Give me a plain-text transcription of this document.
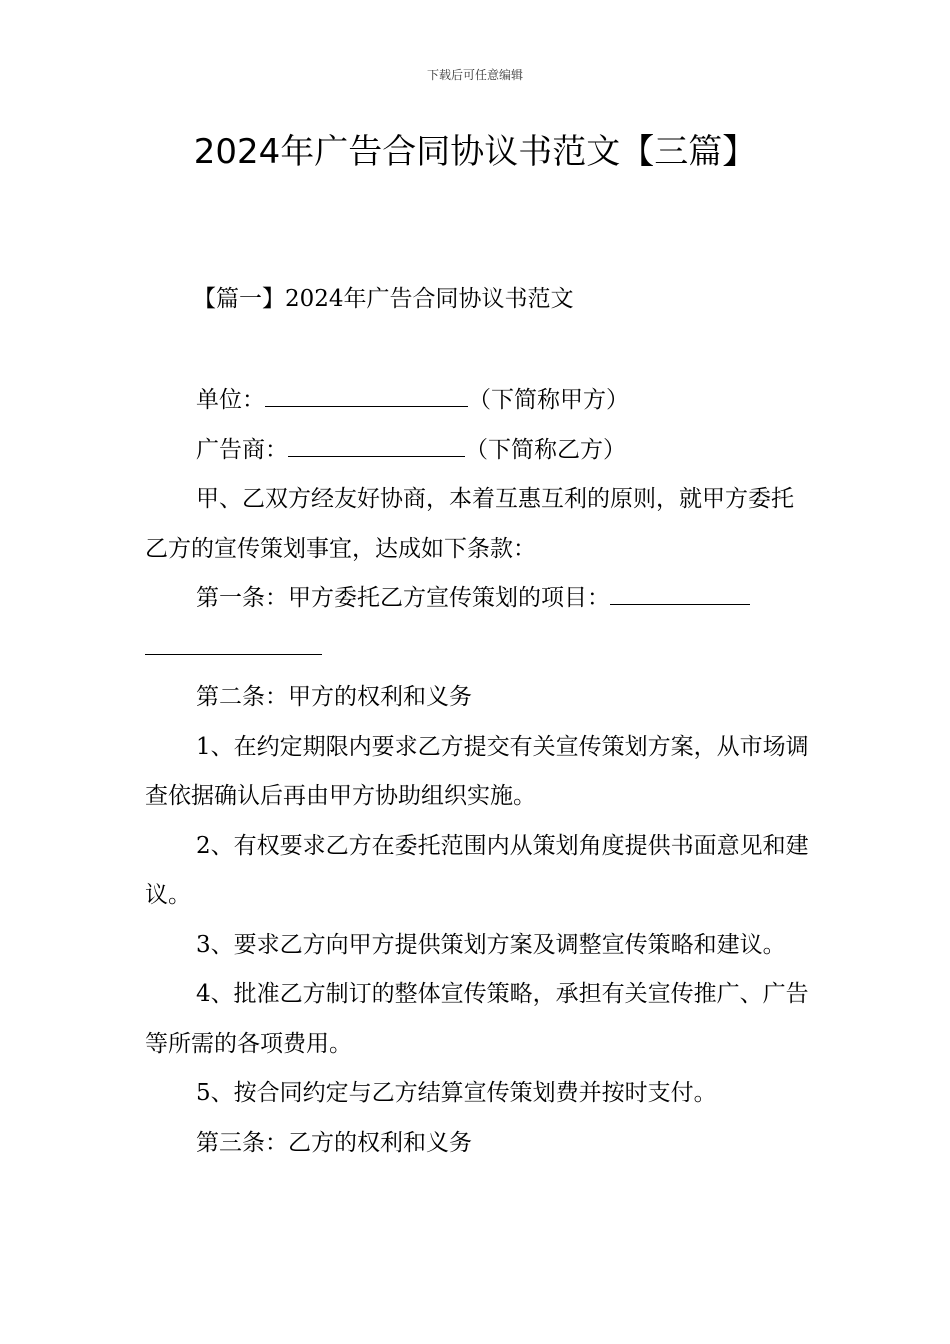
下载后可任意编辑
2024年广告合同协议书范文【三篇】
【篇一】2024年广告合同协议书范文

单位：	（下简称甲方）

广告商：	（下简称乙方）

甲、乙双方经友好协商，本着互惠互利的原则，就甲方委托乙方的宣传策划事宜，达成如下条款：

第一条：甲方委托乙方宣传策划的项目：

第二条：甲方的权利和义务

1、在约定期限内要求乙方提交有关宣传策划方案，从市场调查依据确认后再由甲方协助组织实施。

2、有权要求乙方在委托范围内从策划角度提供书面意见和建议。

3、要求乙方向甲方提供策划方案及调整宣传策略和建议。

4、批准乙方制订的整体宣传策略，承担有关宣传推广、广告等所需的各项费用。

5、按合同约定与乙方结算宣传策划费并按时支付。

第三条：乙方的权利和义务
